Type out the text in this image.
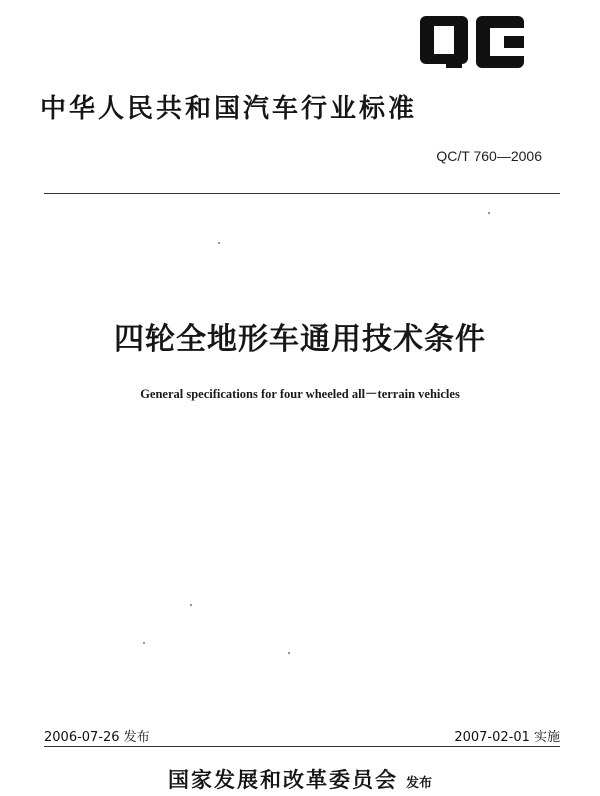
中华人民共和国汽车行业标准
QC/T 760—2006
四轮全地形车通用技术条件
General specifications for four wheeled all－terrain vehicles
2006-07-26 发布	2007-02-01 实施
国家发展和改革委员会 发布
